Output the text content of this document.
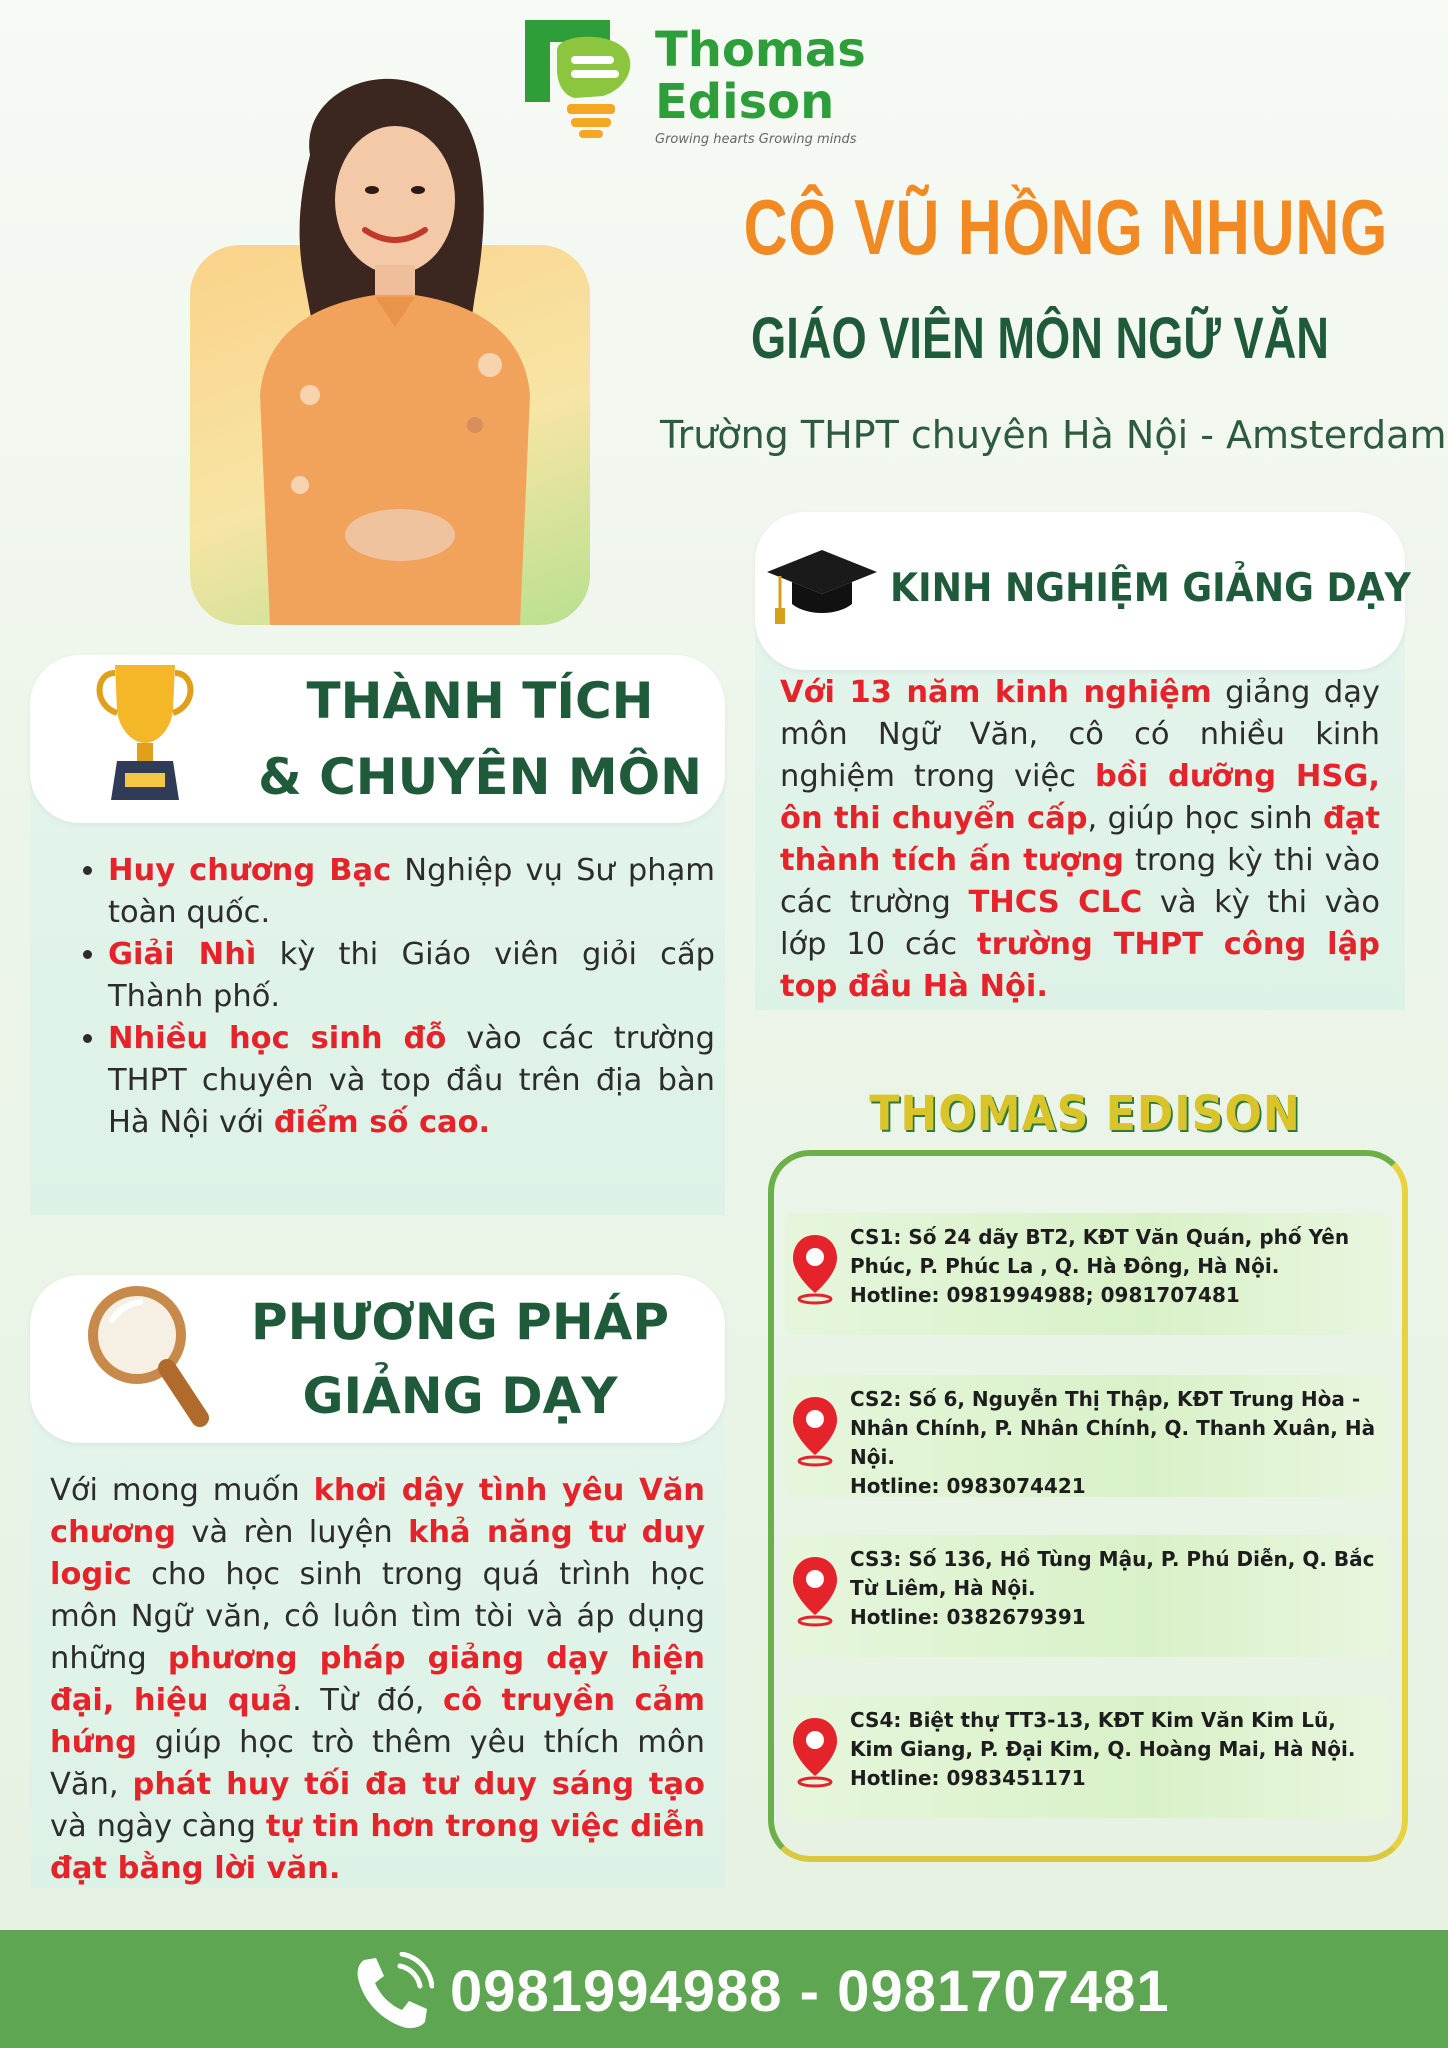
Thomas
Edison
Growing hearts Growing minds
CÔ VŨ HỒNG NHUNG
GIÁO VIÊN MÔN NGỮ VĂN
Trường THPT chuyên Hà Nội - Amsterdam
KINH NGHIỆM GIẢNG DẠY
Với 13 năm kinh nghiệm giảng dạy môn Ngữ Văn, cô có nhiều kinh nghiệm trong việc bồi dưỡng HSG, ôn thi chuyển cấp, giúp học sinh đạt thành tích ấn tượng trong kỳ thi vào các trường THCS CLC và kỳ thi vào lớp 10 các trường THPT công lập top đầu Hà Nội.
THÀNH TÍCH
& CHUYÊN MÔN
• Huy chương Bạc Nghiệp vụ Sư phạm toàn quốc.
• Giải Nhì kỳ thi Giáo viên giỏi cấp Thành phố.
• Nhiều học sinh đỗ vào các trường THPT chuyên và top đầu trên địa bàn Hà Nội với điểm số cao.
PHƯƠNG PHÁP
GIẢNG DẠY
Với mong muốn khơi dậy tình yêu Văn chương và rèn luyện khả năng tư duy logic cho học sinh trong quá trình học môn Ngữ văn, cô luôn tìm tòi và áp dụng những phương pháp giảng dạy hiện đại, hiệu quả. Từ đó, cô truyền cảm hứng giúp học trò thêm yêu thích môn Văn, phát huy tối đa tư duy sáng tạo và ngày càng tự tin hơn trong việc diễn đạt bằng lời văn.
THOMAS EDISON
CS1: Số 24 dãy BT2, KĐT Văn Quán, phố Yên Phúc, P. Phúc La , Q. Hà Đông, Hà Nội.
Hotline: 0981994988; 0981707481
CS2: Số 6, Nguyễn Thị Thập, KĐT Trung Hòa - Nhân Chính, P. Nhân Chính, Q. Thanh Xuân, Hà Nội.
Hotline: 0983074421
CS3: Số 136, Hồ Tùng Mậu, P. Phú Diễn, Q. Bắc Từ Liêm, Hà Nội.
Hotline: 0382679391
CS4: Biệt thự TT3-13, KĐT Kim Văn Kim Lũ, Kim Giang, P. Đại Kim, Q. Hoàng Mai, Hà Nội.
Hotline: 0983451171
0981994988 - 0981707481
